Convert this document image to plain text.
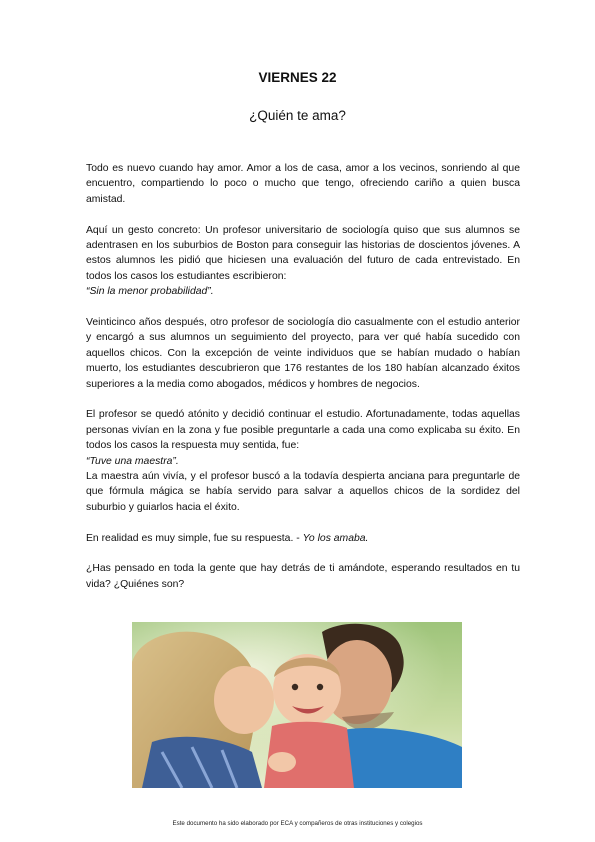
VIERNES 22
¿Quién te ama?

Todo es nuevo cuando hay amor. Amor a los de casa, amor a los vecinos, sonriendo al que encuentro, compartiendo lo poco o mucho que tengo, ofreciendo cariño a quien busca amistad.

Aquí un gesto concreto: Un profesor universitario de sociología quiso que sus alumnos se adentrasen en los suburbios de Boston para conseguir las historias de doscientos jóvenes. A estos alumnos les pidió que hiciesen una evaluación del futuro de cada entrevistado. En todos los casos los estudiantes escribieron:
“Sin la menor probabilidad”.

Veinticinco años después, otro profesor de sociología dio casualmente con el estudio anterior y encargó a sus alumnos un seguimiento del proyecto, para ver qué había sucedido con aquellos chicos. Con la excepción de veinte individuos que se habían mudado o habían muerto, los estudiantes descubrieron que 176 restantes de los 180 habían alcanzado éxitos superiores a la media como abogados, médicos y hombres de negocios.

El profesor se quedó atónito y decidió continuar el estudio. Afortunadamente, todas aquellas personas vivían en la zona y fue posible preguntarle a cada una como explicaba su éxito. En todos los casos la respuesta muy sentida, fue:
“Tuve una maestra”.
La maestra aún vivía, y el profesor buscó a la todavía despierta anciana para preguntarle de que fórmula mágica se había servido para salvar a aquellos chicos de la sordidez del suburbio y guiarlos hacia el éxito.

En realidad es muy simple, fue su respuesta. - Yo los amaba.

¿Has pensado en toda la gente que hay detrás de ti amándote, esperando resultados en tu vida? ¿Quiénes son?

Este documento ha sido elaborado por ECA y compañeros de otras instituciones y colegios
